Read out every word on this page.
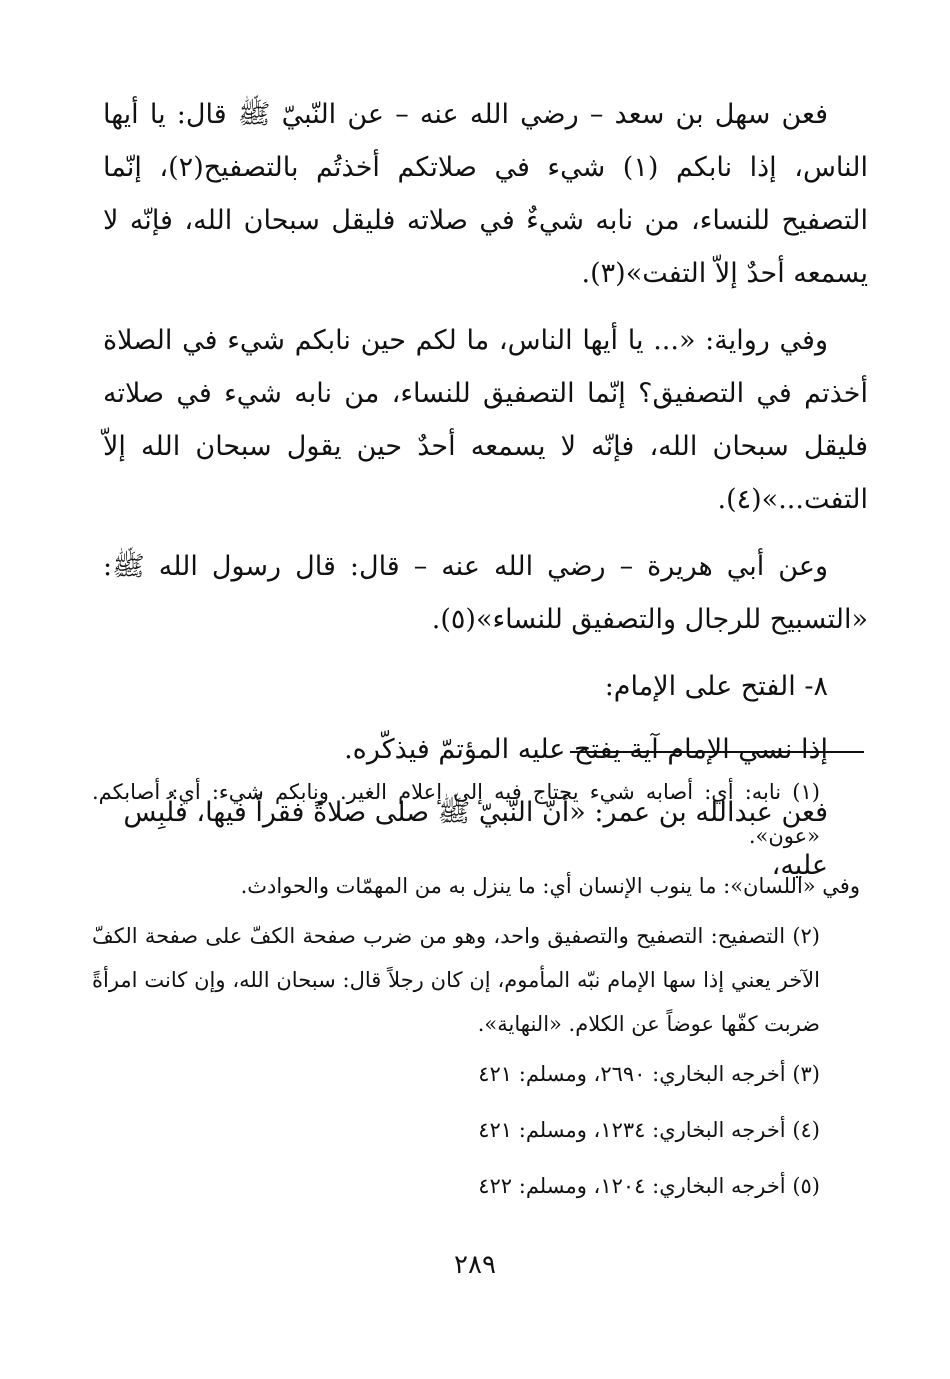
فعن سهل بن سعد – رضي الله عنه – عن النّبيّ ﷺ قال: يا أيها الناس، إذا نابكم (١) شيء في صلاتكم أخذتُم بالتصفيح(٢)، إنّما التصفيح للنساء، من نابه شيءٌ في صلاته فليقل سبحان الله، فإنّه لا يسمعه أحدٌ إلاّ التفت»(٣).

وفي رواية: «... يا أيها الناس، ما لكم حين نابكم شيء في الصلاة أخذتم في التصفيق؟ إنّما التصفيق للنساء، من نابه شيء في صلاته فليقل سبحان الله، فإنّه لا يسمعه أحدٌ حين يقول سبحان الله إلاّ التفت...»(٤).

وعن أبي هريرة – رضي الله عنه – قال: قال رسول الله ﷺ: «التسبيح للرجال والتصفيق للنساء»(٥).

٨- الفتح على الإمام:
إذا نسي الإمام آية يفتح عليه المؤتمّ فيذكّره.
فعن عبدالله بن عمر: «أنّ النّبيّ ﷺ صلى صلاةً فقرأ فيها، فلُبِس عليه،

(١) نابه: أي: أصابه شيء يحتاج فيه إلى إعلام الغير. ونابكم شيء: أي: أصابكم. «عون».

وفي «اللسان»: ما ينوب الإنسان أي: ما ينزل به من المهمّات والحوادث.

(٢) التصفيح: التصفيح والتصفيق واحد، وهو من ضرب صفحة الكفّ على صفحة الكفّ الآخر يعني إذا سها الإمام نبّه المأموم، إن كان رجلاً قال: سبحان الله، وإن كانت امرأةً ضربت كفّها عوضاً عن الكلام. «النهاية».

(٣) أخرجه البخاري: ٢٦٩٠، ومسلم: ٤٢١

(٤) أخرجه البخاري: ١٢٣٤، ومسلم: ٤٢١

(٥) أخرجه البخاري: ١٢٠٤، ومسلم: ٤٢٢

٢٨٩
